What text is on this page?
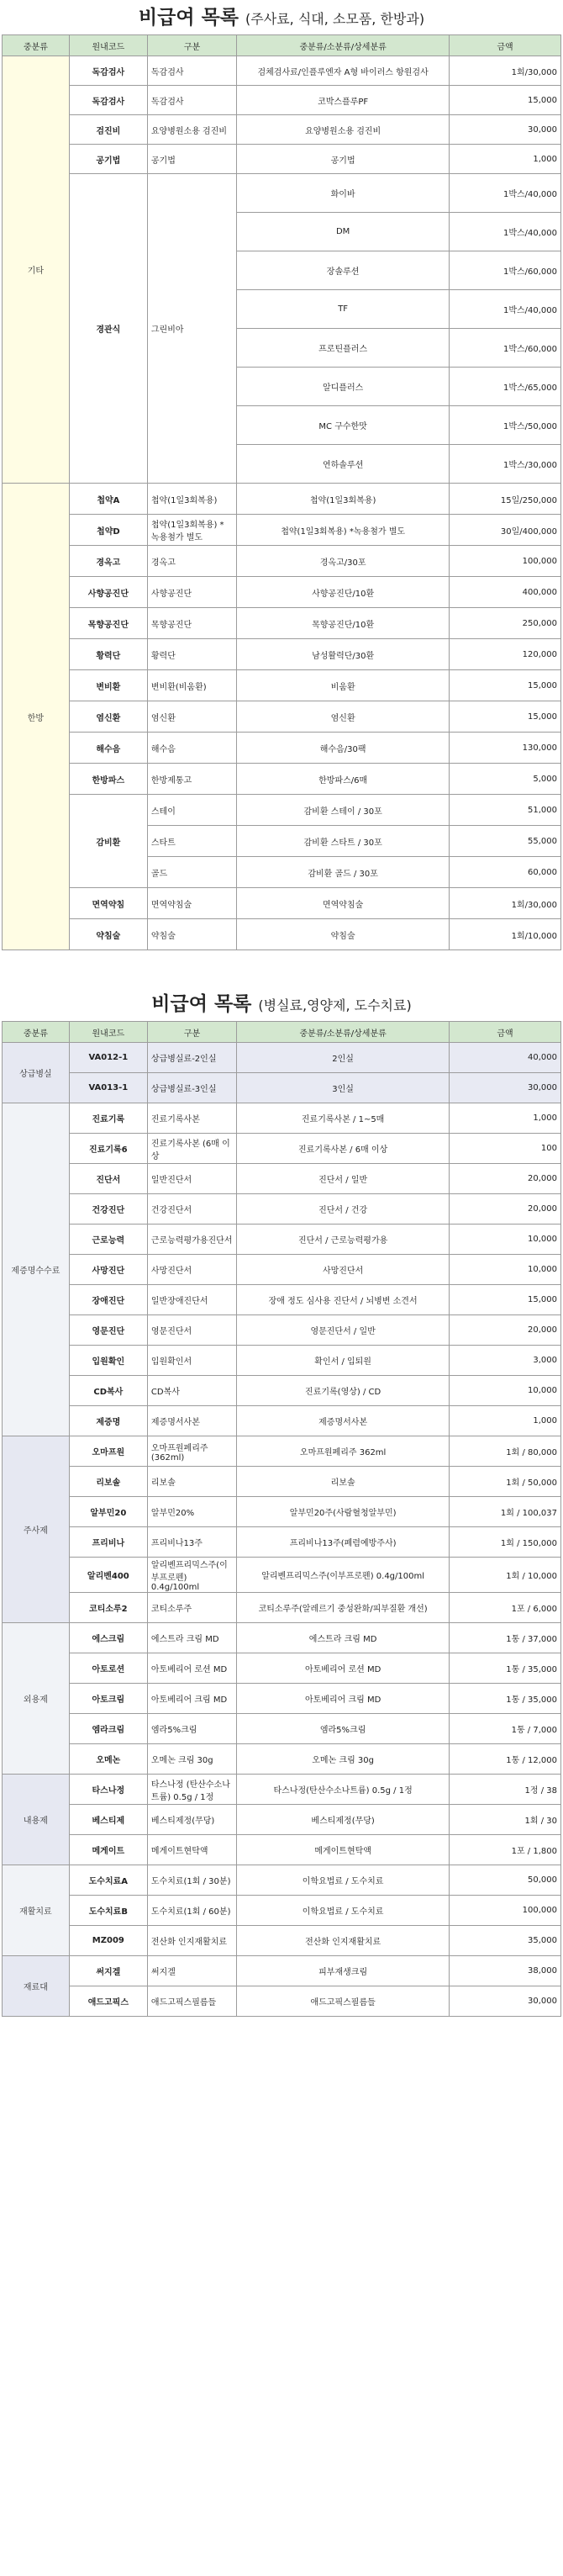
비급여 목록 (주사료, 식대, 소모품, 한방과)
중분류	원내코드	구분	중분류/소분류/상세분류	금액
기타	독감검사	독감검사	검체검사료/인플루엔자 A형 바이러스 항원검사	1회/30,000
	독감검사	독감검사	코박스플루PF	15,000
	검진비	요양병원소용 검진비	요양병원소용 검진비	30,000
	공기법	공기법	공기법	1,000
	경관식	그린비아	화이바	1박스/40,000
			DM	1박스/40,000
			장솔루션	1박스/60,000
			TF	1박스/40,000
			프로틴플러스	1박스/60,000
			알디플러스	1박스/65,000
			MC 구수한맛	1박스/50,000
			연하솔루션	1박스/30,000
한방	첩약A	첩약(1일3회복용)	첩약(1일3회복용)	15일/250,000
	첩약D	첩약(1일3회복용) * 녹용첨가 별도	첩약(1일3회복용) *녹용첨가 별도	30일/400,000
	경옥고	경옥고	경옥고/30포	100,000
	사향공진단	사향공진단	사향공진단/10환	400,000
	목향공진단	목향공진단	목향공진단/10환	250,000
	황력단	황력단	남성활력단/30환	120,000
	변비환	변비환(비움환)	비움환	15,000
	염신환	염신환	염신환	15,000
	해수음	해수음	해수음/30팩	130,000
	한방파스	한방제통고	한방파스/6매	5,000
	감비환	스테이	감비환 스테이 / 30포	51,000
		스타트	감비환 스타트 / 30포	55,000
		골드	감비환 골드 / 30포	60,000
	면역약침	면역약침술	면역약침술	1회/30,000
	약침술	약침술	약침술	1회/10,000
비급여 목록 (병실료,영양제, 도수치료)
중분류	원내코드	구분	중분류/소분류/상세분류	금액
상급병실	VA012-1	상급병실료-2인실	2인실	40,000
	VA013-1	상급병실료-3인실	3인실	30,000
제증명수수료	진료기록	진료기록사본	진료기록사본 / 1~5매	1,000
	진료기록6	진료기록사본 (6매 이상	진료기록사본 / 6매 이상	100
	진단서	일반진단서	진단서 / 일반	20,000
	건강진단	건강진단서	진단서 / 건강	20,000
	근로능력	근로능력평가용진단서	진단서 / 근로능력평가용	10,000
	사망진단	사망진단서	사망진단서	10,000
	장애진단	일반장애진단서	장애 정도 심사용 진단서 / 뇌병변 소견서	15,000
	영문진단	영문진단서	영문진단서 / 일반	20,000
	입원확인	입원확인서	확인서 / 입퇴원	3,000
	CD복사	CD복사	진료기록(영상) / CD	10,000
	제증명	제증명서사본	제증명서사본	1,000
주사제	오마프원	오마프원페리주 (362ml)	오마프원페리주 362ml	1회 / 80,000
	리보솔	리보솔	리보솔	1회 / 50,000
	알부민20	알부민20%	알부민20주(사람혈청알부민)	1회 / 100,037
	프리비나	프리비나13주	프리비나13주(폐렴예방주사)	1회 / 150,000
	알리벤400	알리벤프리믹스주(이부프로펜) 0.4g/100ml	알리벤프리믹스주(이부프로펜) 0.4g/100ml	1회 / 10,000
	코티소루2	코티소루주	코티소루주(알레르기 중성완화/피부질환 개선)	1포 / 6,000
외용제	에스크림	에스트라 크림 MD	에스트라 크림 MD	1통 / 37,000
	아토로션	아토베리어 로션 MD	아토베리어 로션 MD	1통 / 35,000
	아토크림	아토베리어 크림 MD	아토베리어 크림 MD	1통 / 35,000
	엠라크림	엠라5%크림	엠라5%크림	1통 / 7,000
	오메논	오메논 크림 30g	오메논 크림 30g	1통 / 12,000
내용제	타스나정	타스나정 (탄산수소나트륨) 0.5g / 1정	타스나정(탄산수소나트륨) 0.5g / 1정	1정 / 38
	베스티제	베스티제정(무당)	베스티제정(무당)	1회 / 30
	메게이트	메게이트현탁액	메게이트현탁액	1포 / 1,800
재활치료	도수치료A	도수치료(1회 / 30분)	이학요법료 / 도수치료	50,000
	도수치료B	도수치료(1회 / 60분)	이학요법료 / 도수치료	100,000
	MZ009	전산화 인지재활치료	전산화 인지재활치료	35,000
재료대	써지겔	써지겔	피부재생크림	38,000
	애드고픽스	애드고픽스필름들	애드고픽스필름들	30,000
